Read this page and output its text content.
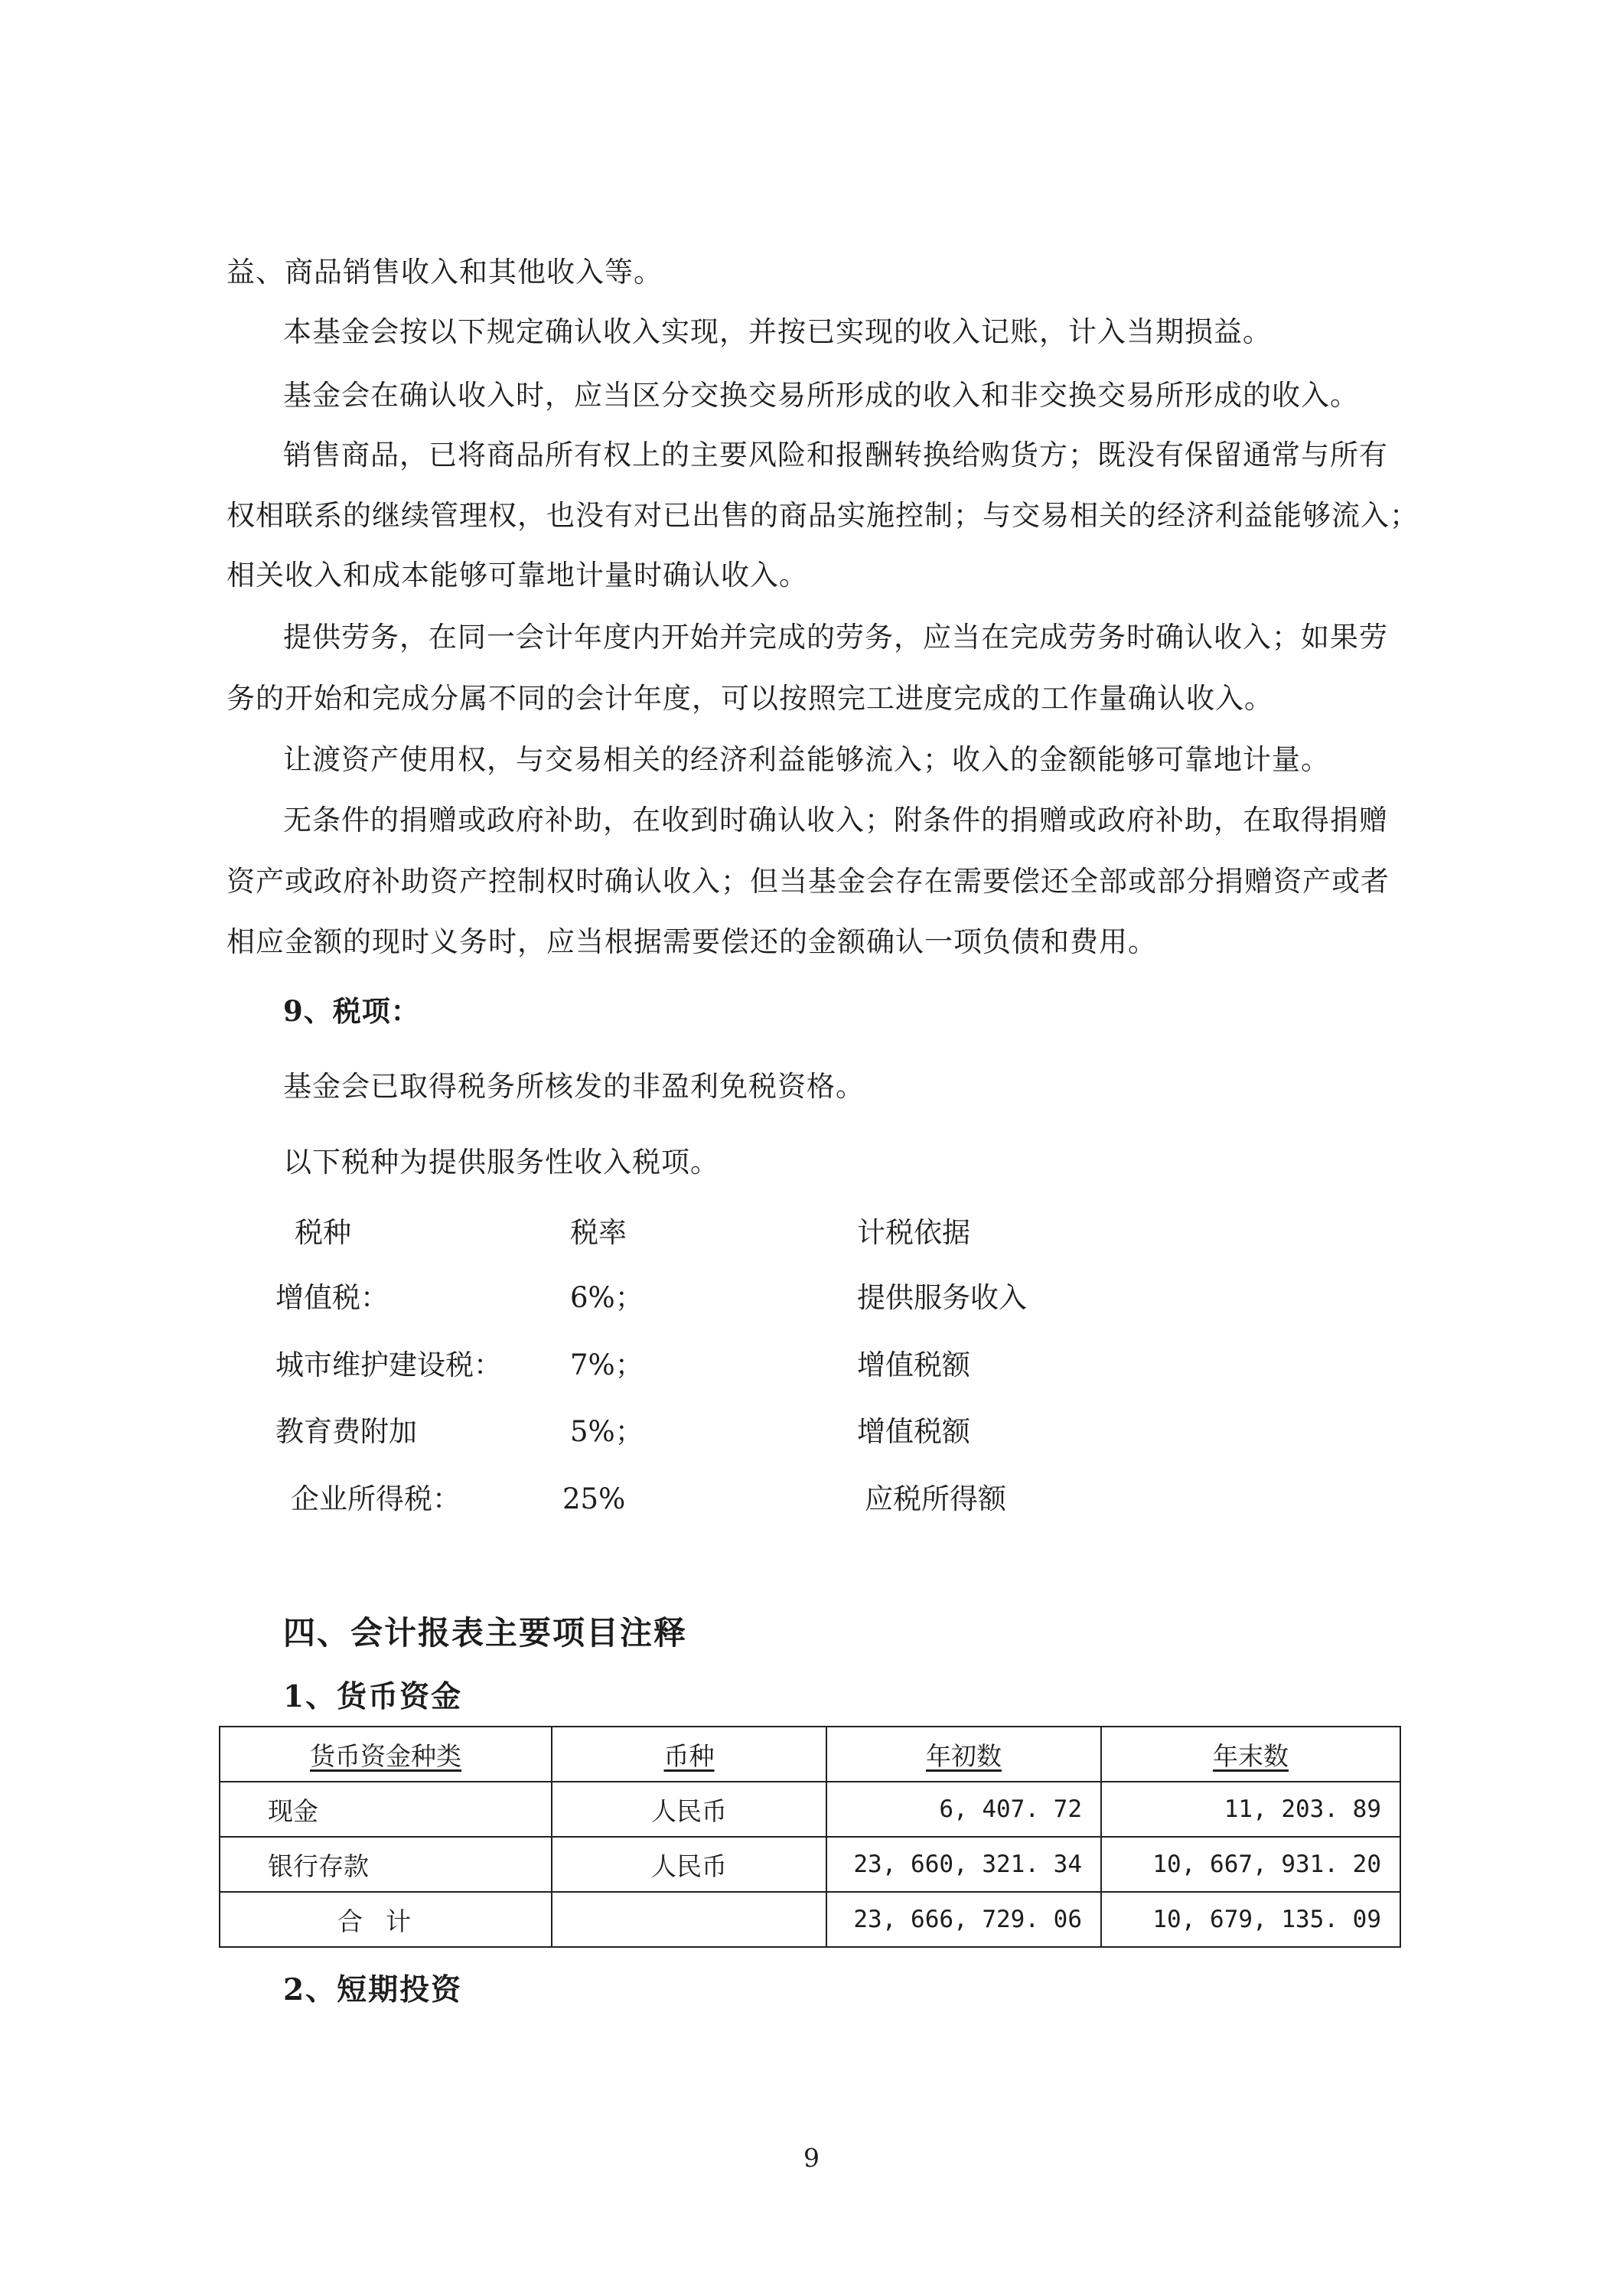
益、商品销售收入和其他收入等。
本基金会按以下规定确认收入实现，并按已实现的收入记账，计入当期损益。
基金会在确认收入时，应当区分交换交易所形成的收入和非交换交易所形成的收入。
销售商品，已将商品所有权上的主要风险和报酬转换给购货方；既没有保留通常与所有
权相联系的继续管理权，也没有对已出售的商品实施控制；与交易相关的经济利益能够流入；
相关收入和成本能够可靠地计量时确认收入。
提供劳务，在同一会计年度内开始并完成的劳务，应当在完成劳务时确认收入；如果劳
务的开始和完成分属不同的会计年度，可以按照完工进度完成的工作量确认收入。
让渡资产使用权，与交易相关的经济利益能够流入；收入的金额能够可靠地计量。
无条件的捐赠或政府补助，在收到时确认收入；附条件的捐赠或政府补助，在取得捐赠
资产或政府补助资产控制权时确认收入；但当基金会存在需要偿还全部或部分捐赠资产或者
相应金额的现时义务时，应当根据需要偿还的金额确认一项负债和费用。
9、税项：
基金会已取得税务所核发的非盈利免税资格。
以下税种为提供服务性收入税项。
税种	税率	计税依据
增值税：	6%；	提供服务收入
城市维护建设税： 7%；	增值税额
教育费附加	5%；	增值税额
企业所得税：	25%	应税所得额
四、会计报表主要项目注释
1、货币资金
货币资金种类	币种	年初数	年末数
现金	人民币	6, 407. 72	11, 203. 89
银行存款	人民币	23, 660, 321. 34	10, 667, 931. 20
合计		23, 666, 729. 06	10, 679, 135. 09
2、短期投资
9
